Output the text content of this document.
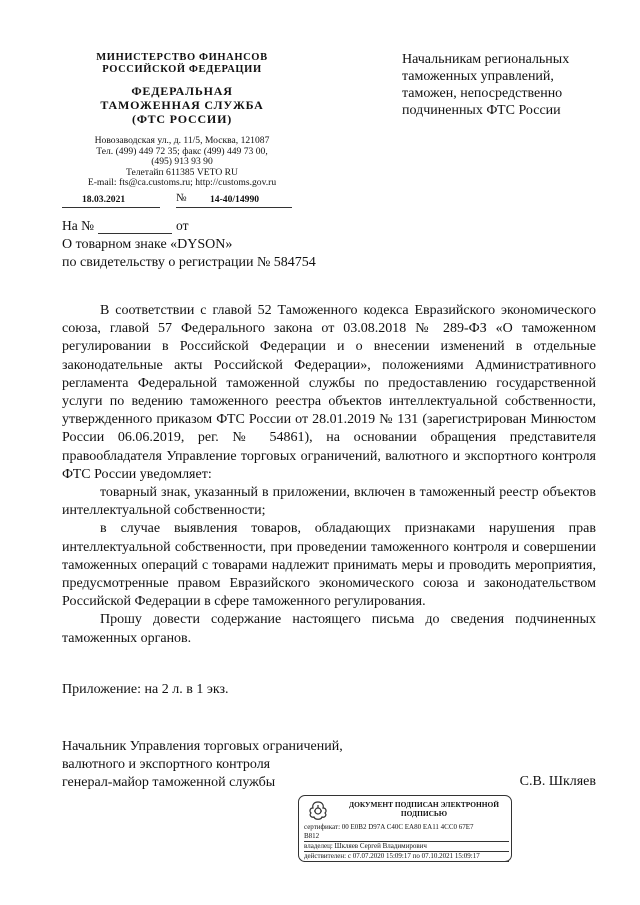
МИНИСТЕРСТВО ФИНАНСОВ
РОССИЙСКОЙ ФЕДЕРАЦИИ
ФЕДЕРАЛЬНАЯ
ТАМОЖЕННАЯ СЛУЖБА
(ФТС РОССИИ)
Новозаводская ул., д. 11/5, Москва, 121087
Тел. (499) 449 72 35; факс (499) 449 73 00,
(495) 913 93 90
Телетайп 611385 VETO RU
E-mail: fts@ca.customs.ru; http://customs.gov.ru
Начальникам региональных
таможенных управлений,
таможен, непосредственно
подчиненных ФТС России
18.03.2021	№ 14-40/14990
На №	от
О товарном знаке «DYSON»
по свидетельству о регистрации № 584754

В соответствии с главой 52 Таможенного кодекса Евразийского экономического союза, главой 57 Федерального закона от 03.08.2018 № 289-ФЗ «О таможенном регулировании в Российской Федерации и о внесении изменений в отдельные законодательные акты Российской Федерации», положениями Административного регламента Федеральной таможенной службы по предоставлению государственной услуги по ведению таможенного реестра объектов интеллектуальной собственности, утвержденного приказом ФТС России от 28.01.2019 № 131 (зарегистрирован Минюстом России 06.06.2019, рег. № 54861), на основании обращения представителя правообладателя Управление торговых ограничений, валютного и экспортного контроля ФТС России уведомляет:

товарный знак, указанный в приложении, включен в таможенный реестр объектов интеллектуальной собственности;

в случае выявления товаров, обладающих признаками нарушения прав интеллектуальной собственности, при проведении таможенного контроля и совершении таможенных операций с товарами надлежит принимать меры и проводить мероприятия, предусмотренные правом Евразийского экономического союза и законодательством Российской Федерации в сфере таможенного регулирования.

Прошу довести содержание настоящего письма до сведения подчиненных таможенных органов.

Приложение: на 2 л. в 1 экз.
Начальник Управления торговых ограничений,
валютного и экспортного контроля
генерал-майор таможенной службы	С.В. Шкляев
ДОКУМЕНТ ПОДПИСАН ЭЛЕКТРОННОЙ
ПОДПИСЬЮ
сертификат: 00 E0B2 D97A C40C EA80 EA11 4CC0 67E7
B812
владелец: Шкляев Сергей Владимирович
действителен: с 07.07.2020 15:09:17 по 07.10.2021 15:09:17
